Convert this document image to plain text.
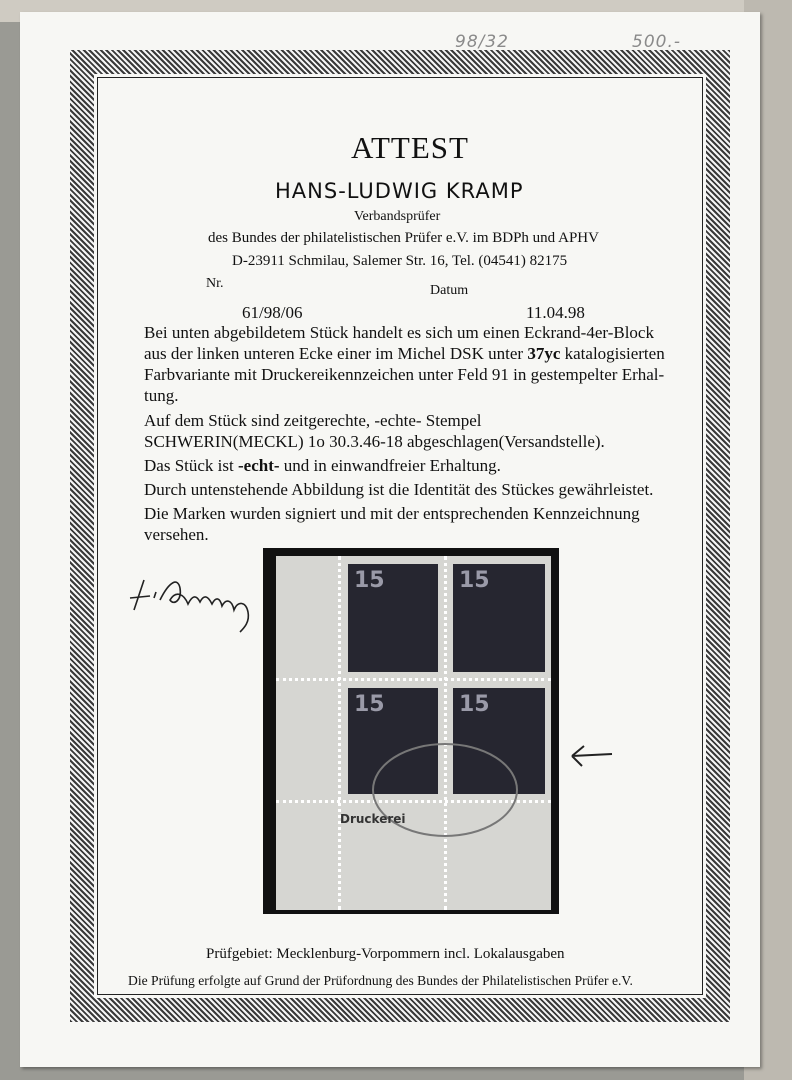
98/32	500.-
ATTEST
HANS-LUDWIG KRAMP
Verbandsprüfer
des Bundes der philatelistischen Prüfer e.V. im BDPh und APHV
D-23911 Schmilau, Salemer Str. 16, Tel. (04541) 82175
Nr.	Datum
61/98/06	11.04.98
Bei unten abgebildetem Stück handelt es sich um einen Eckrand-4er-Block
aus der linken unteren Ecke einer im Michel DSK unter 37yc katalogisierten
Farbvariante mit Druckereikennzeichen unter Feld 91 in gestempelter Erhal-
tung.
Auf dem Stück sind zeitgerechte, -echte- Stempel
SCHWERIN(MECKL) 1o 30.3.46-18 abgeschlagen(Versandstelle).
Das Stück ist -echt- und in einwandfreier Erhaltung.
Durch untenstehende Abbildung ist die Identität des Stückes gewährleistet.
Die Marken wurden signiert und mit der entsprechenden Kennzeichnung
versehen.
15	15
15	15
Druckerei
Prüfgebiet: Mecklenburg-Vorpommern incl. Lokalausgaben
Die Prüfung erfolgte auf Grund der Prüfordnung des Bundes der Philatelistischen Prüfer e.V.
